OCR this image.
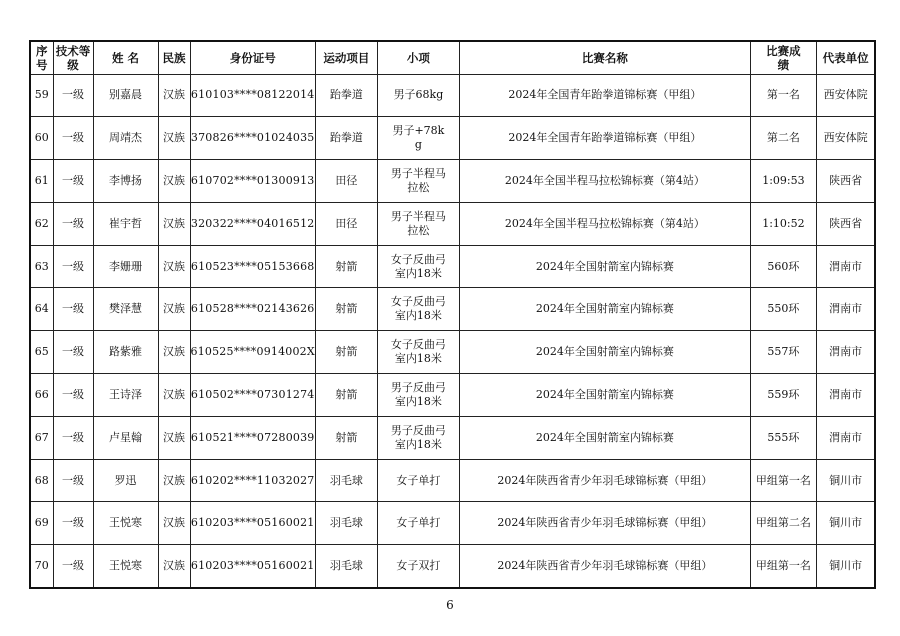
序号	技术等级	姓 名	民族	身份证号	运动项目	小项	比赛名称	比赛成绩	代表单位
59	一级	别嘉晨	汉族	610103****08122014	跆拳道	男子68kg	2024年全国青年跆拳道锦标赛（甲组）	第一名	西安体院
60	一级	周靖杰	汉族	370826****01024035	跆拳道	男子+78kg	2024年全国青年跆拳道锦标赛（甲组）	第二名	西安体院
61	一级	李博扬	汉族	610702****01300913	田径	男子半程马拉松	2024年全国半程马拉松锦标赛（第4站）	1:09:53	陕西省
62	一级	崔宇哲	汉族	320322****04016512	田径	男子半程马拉松	2024年全国半程马拉松锦标赛（第4站）	1:10:52	陕西省
63	一级	李姗珊	汉族	610523****05153668	射箭	女子反曲弓室内18米	2024年全国射箭室内锦标赛	560环	渭南市
64	一级	樊泽慧	汉族	610528****02143626	射箭	女子反曲弓室内18米	2024年全国射箭室内锦标赛	550环	渭南市
65	一级	路紫雅	汉族	610525****0914002X	射箭	女子反曲弓室内18米	2024年全国射箭室内锦标赛	557环	渭南市
66	一级	王诗泽	汉族	610502****07301274	射箭	男子反曲弓室内18米	2024年全国射箭室内锦标赛	559环	渭南市
67	一级	卢星翰	汉族	610521****07280039	射箭	男子反曲弓室内18米	2024年全国射箭室内锦标赛	555环	渭南市
68	一级	罗迅	汉族	610202****11032027	羽毛球	女子单打	2024年陕西省青少年羽毛球锦标赛（甲组）	甲组第一名	铜川市
69	一级	王悦寒	汉族	610203****05160021	羽毛球	女子单打	2024年陕西省青少年羽毛球锦标赛（甲组）	甲组第二名	铜川市
70	一级	王悦寒	汉族	610203****05160021	羽毛球	女子双打	2024年陕西省青少年羽毛球锦标赛（甲组）	甲组第一名	铜川市
6
